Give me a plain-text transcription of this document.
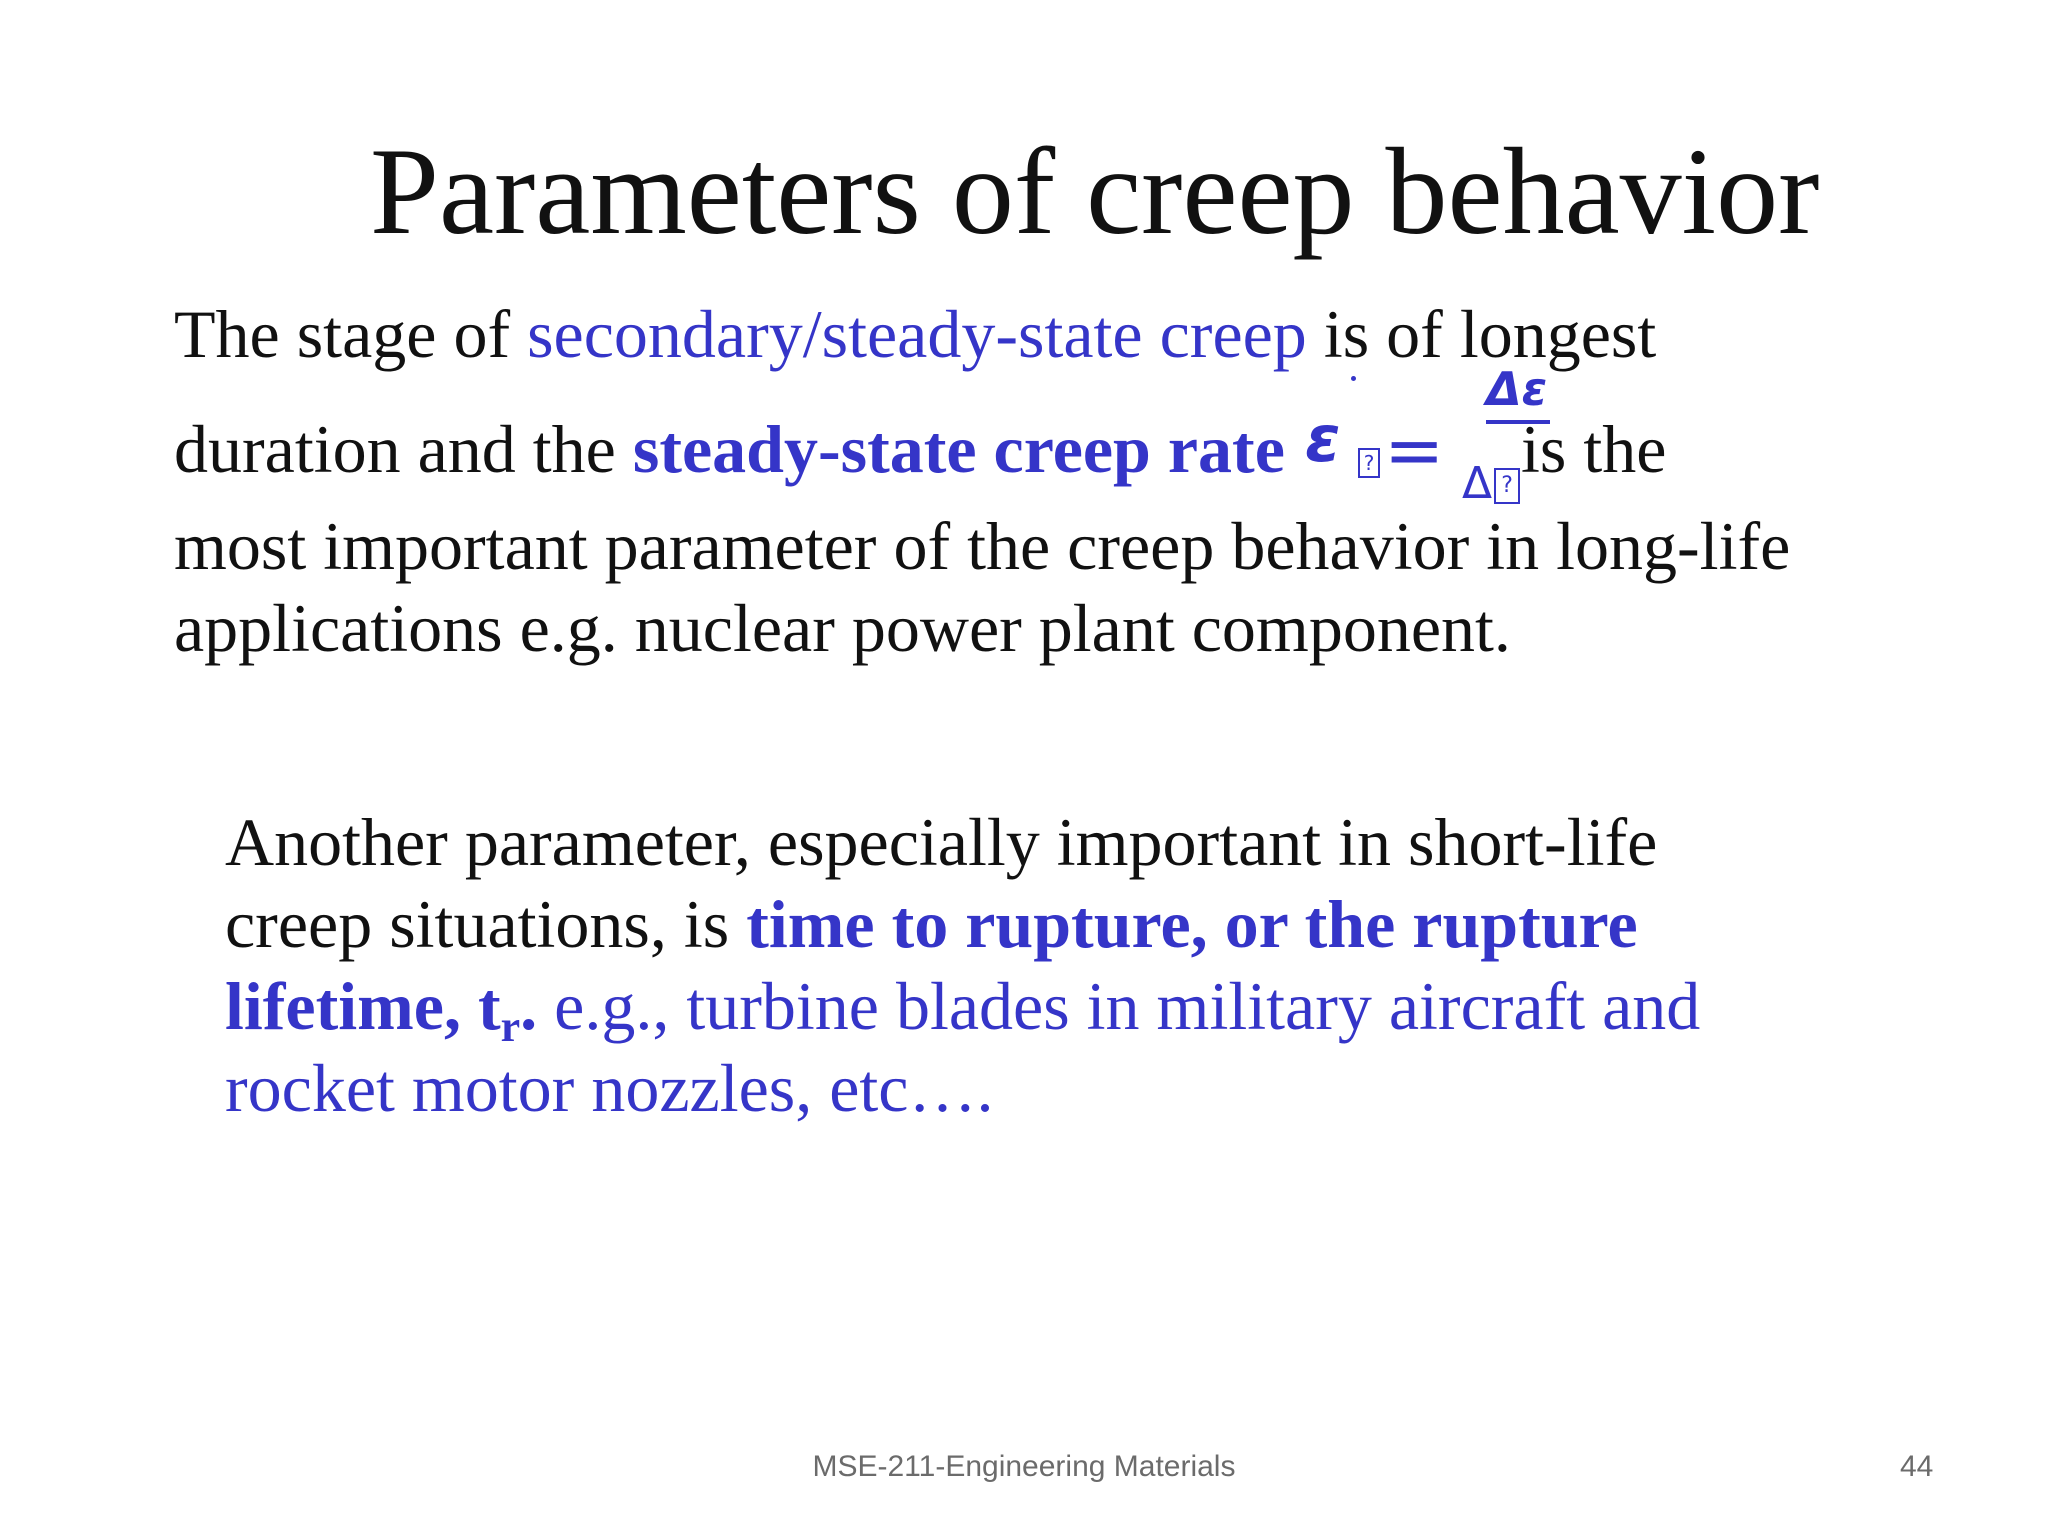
Parameters of creep behavior
The stage of secondary/steady-state creep is of longest
duration and the steady-state creep rate ε ? =
Δε
Δ ? is the
most important parameter of the creep behavior in long-life
applications e.g. nuclear power plant component.
Another parameter, especially important in short-life
creep situations, is time to rupture, or the rupture
lifetime, tr. e.g., turbine blades in military aircraft and
rocket motor nozzles, etc….
MSE-211-Engineering Materials	44
